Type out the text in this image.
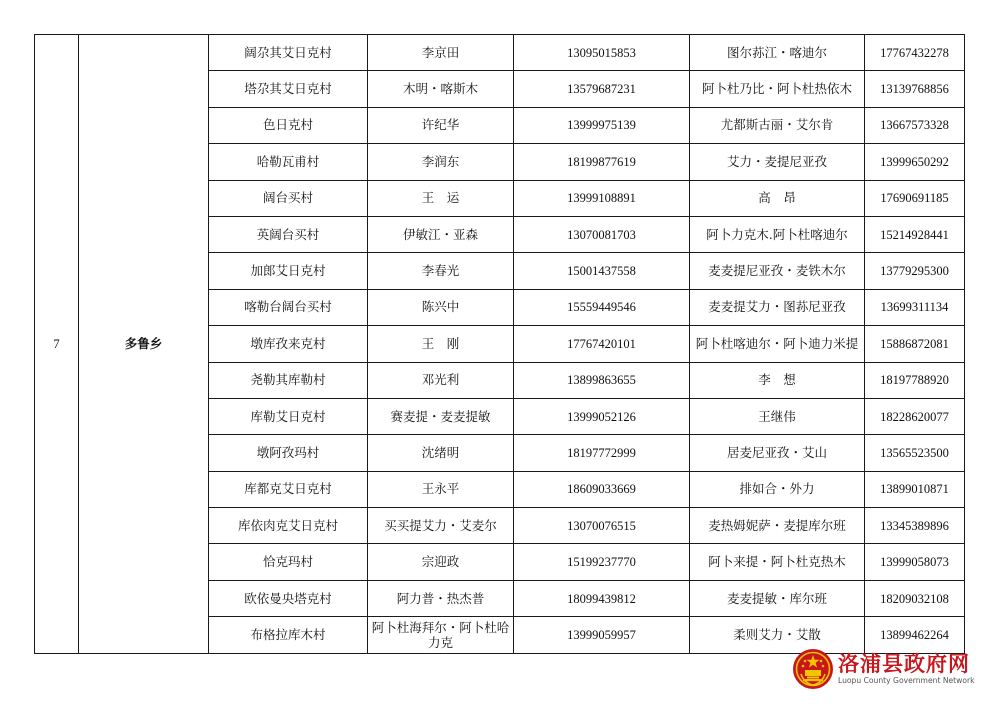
7	多鲁乡	阔尕其艾日克村	李京田	13095015853	图尔荪江・喀迪尔	17767432278
		塔尕其艾日克村	木明・喀斯木	13579687231	阿卜杜乃比・阿卜杜热依木	13139768856
		色日克村	许纪华	13999975139	尤都斯古丽・艾尔肯	13667573328
		哈勒瓦甫村	李润东	18199877619	艾力・麦提尼亚孜	13999650292
		阔台买村	王　运	13999108891	高　昂	17690691185
		英阔台买村	伊敏江・亚森	13070081703	阿卜力克木.阿卜杜喀迪尔	15214928441
		加郎艾日克村	李春光	15001437558	麦麦提尼亚孜・麦铁木尔	13779295300
		喀勒台阔台买村	陈兴中	15559449546	麦麦提艾力・图荪尼亚孜	13699311134
		墩库孜来克村	王　刚	17767420101	阿卜杜喀迪尔・阿卜迪力米提	15886872081
		尧勒其库勒村	邓光利	13899863655	李　想	18197788920
		库勒艾日克村	赛麦提・麦麦提敏	13999052126	王继伟	18228620077
		墩阿孜玛村	沈绪明	18197772999	居麦尼亚孜・艾山	13565523500
		库都克艾日克村	王永平	18609033669	排如合・外力	13899010871
		库依肉克艾日克村	买买提艾力・艾麦尔	13070076515	麦热姆妮萨・麦提库尔班	13345389896
		恰克玛村	宗迎政	15199237770	阿卜来提・阿卜杜克热木	13999058073
		欧依曼央塔克村	阿力普・热杰普	18099439812	麦麦提敏・库尔班	18209032108
		布格拉库木村	阿卜杜海拜尔・阿卜杜哈力克	13999059957	柔则艾力・艾散	13899462264
洛浦县政府网
Luopu County Government Network
